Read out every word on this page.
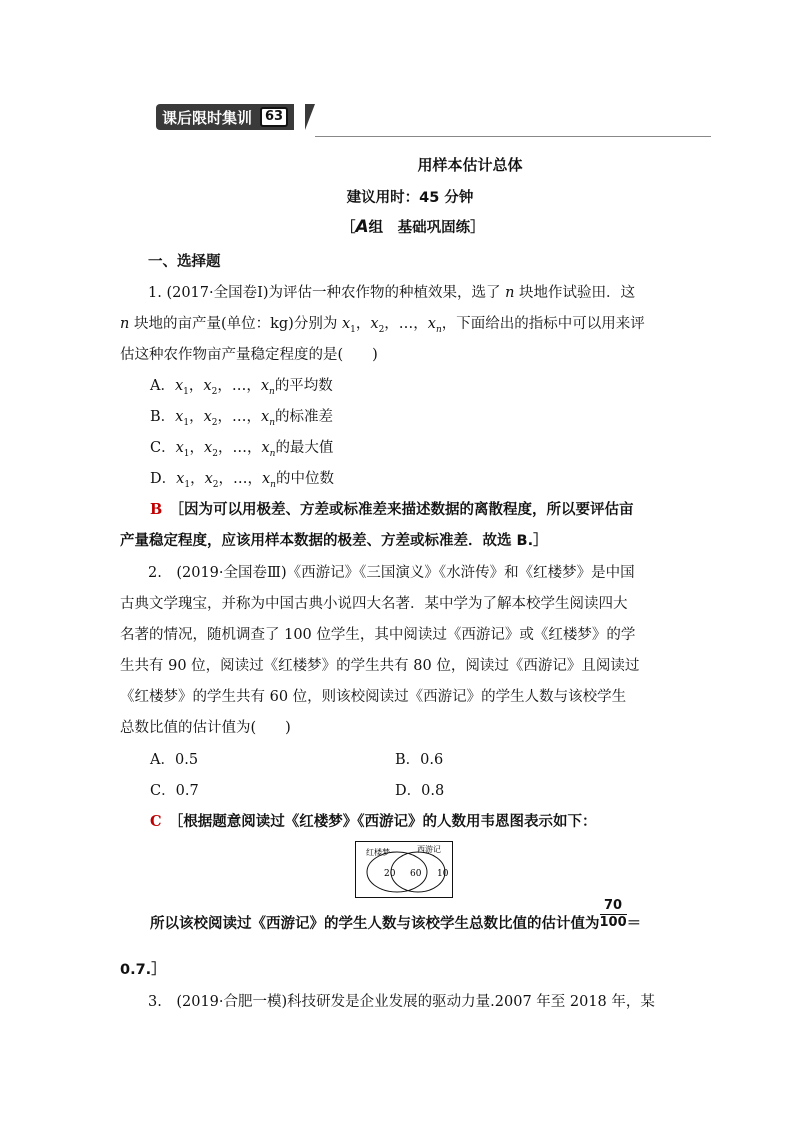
课后限时集训	63
用样本估计总体
建议用时：45 分钟
［A组　基础巩固练］
一、选择题
1. (2017·全国卷Ⅰ)为评估一种农作物的种植效果，选了 n 块地作试验田．这
n 块地的亩产量(单位：kg)分别为 $x_1$，$x_2$，…，$x_n$，下面给出的指标中可以用来评
估这种农作物亩产量稳定程度的是(　　)
A．$x_1$，$x_2$，…，$x_n$的平均数
B．$x_1$，$x_2$，…，$x_n$的标准差
C．$x_1$，$x_2$，…，$x_n$的最大值
D．$x_1$，$x_2$，…，$x_n$的中位数
B　 ［因为可以用极差、方差或标准差来描述数据的离散程度，所以要评估亩
产量稳定程度，应该用样本数据的极差、方差或标准差．故选 B.］
2.　(2019·全国卷Ⅲ)《西游记》《三国演义》《水浒传》和《红楼梦》是中国
古典文学瑰宝，并称为中国古典小说四大名著．某中学为了解本校学生阅读四大
名著的情况，随机调查了 100 位学生，其中阅读过《西游记》或《红楼梦》的学
生共有 90 位，阅读过《红楼梦》的学生共有 80 位，阅读过《西游记》且阅读过
《红楼梦》的学生共有 60 位，则该校阅读过《西游记》的学生人数与该校学生
总数比值的估计值为(　　)
A．0.5	B．0.6
C．0.7	D．0.8
C　 ［根据题意阅读过《红楼梦》《西游记》的人数用韦恩图表示如下：
红楼梦	西游记
20 60 10
所以该校阅读过《西游记》的学生人数与该校学生总数比值的估计值为 $\frac{70}{100}$ ＝
0.7.］
3.　(2019·合肥一模)科技研发是企业发展的驱动力量.2007 年至 2018 年，某
